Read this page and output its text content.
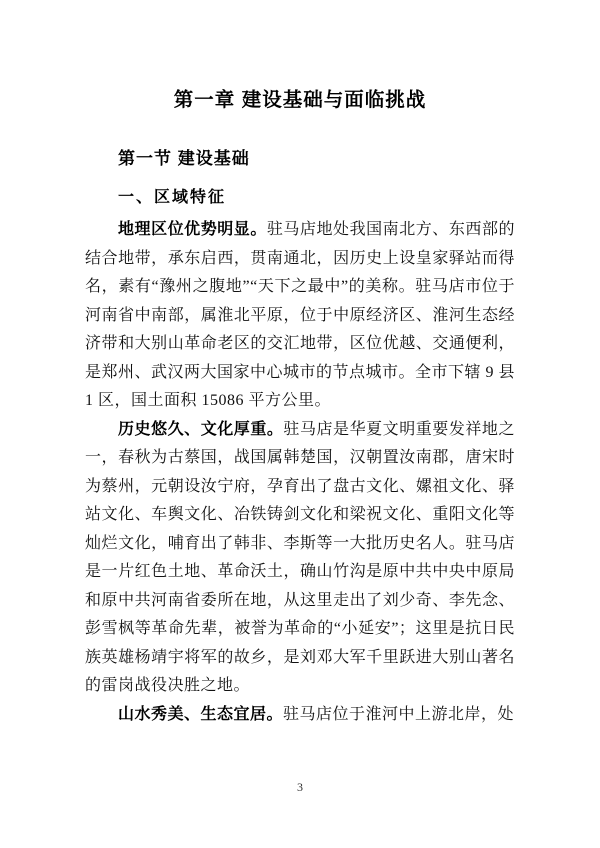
第一章 建设基础与面临挑战
第一节 建设基础
一、区域特征

地理区位优势明显。驻马店地处我国南北方、东西部的结合地带，承东启西，贯南通北，因历史上设皇家驿站而得名，素有“豫州之腹地”“天下之最中”的美称。驻马店市位于河南省中南部，属淮北平原，位于中原经济区、淮河生态经济带和大别山革命老区的交汇地带，区位优越、交通便利，是郑州、武汉两大国家中心城市的节点城市。全市下辖 9 县 1 区，国土面积 15086 平方公里。

历史悠久、文化厚重。驻马店是华夏文明重要发祥地之一，春秋为古蔡国，战国属韩楚国，汉朝置汝南郡，唐宋时为蔡州，元朝设汝宁府，孕育出了盘古文化、嫘祖文化、驿站文化、车舆文化、冶铁铸剑文化和梁祝文化、重阳文化等灿烂文化，哺育出了韩非、李斯等一大批历史名人。驻马店是一片红色土地、革命沃土，确山竹沟是原中共中央中原局和原中共河南省委所在地，从这里走出了刘少奇、李先念、彭雪枫等革命先辈，被誉为革命的“小延安”；这里是抗日民族英雄杨靖宇将军的故乡，是刘邓大军千里跃进大别山著名的雷岗战役决胜之地。

山水秀美、生态宜居。驻马店位于淮河中上游北岸，处

3
